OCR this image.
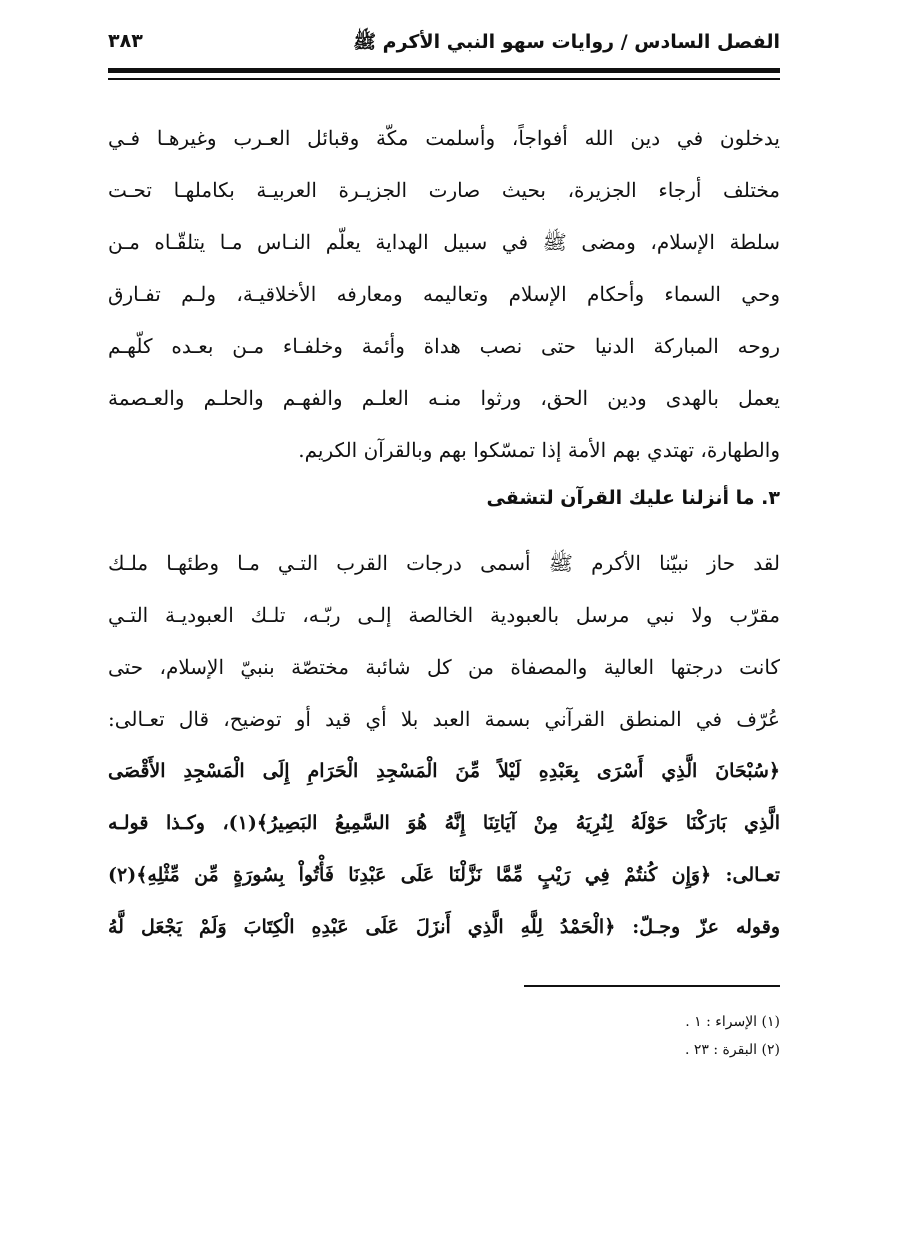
الفصل السادس / روايات سهو النبي الأكرم ﷺ
٣٨٣
يدخلون في دين الله أفواجاً، وأسلمت مكّة وقبائل العـرب وغيرهـا فـي
مختلف أرجاء الجزيرة، بحيث صارت الجزيـرة العربيـة بكاملهـا تحـت
سلطة الإسلام، ومضى ﷺ في سبيل الهداية يعلّم النـاس مـا يتلقّـاه مـن
وحي السماء وأحكام الإسلام وتعاليمه ومعارفه الأخلاقيـة، ولـم تفـارق
روحه المباركة الدنيا حتى نصب هداة وأئمة وخلفـاء مـن بعـده كلّهـم
يعمل بالهدى ودين الحق، ورثوا منـه العلـم والفهـم والحلـم والعـصمة
والطهارة، تهتدي بهم الأمة إذا تمسّكوا بهم وبالقرآن الكريم.
٣. ما أنزلنا عليك القرآن لتشقى
لقد حاز نبيّنا الأكرم ﷺ أسمى درجات القرب التـي مـا وطئهـا ملـك
مقرّب ولا نبي مرسل بالعبودية الخالصة إلـى ربّـه، تلـك العبوديـة التـي
كانت درجتها العالية والمصفاة من كل شائبة مختصّة بنبيّ الإسلام، حتى
عُرّف في المنطق القرآني بسمة العبد بلا أي قيد أو توضيح، قال تعـالى:
﴿سُبْحَانَ الَّذِي أَسْرَى بِعَبْدِهِ لَيْلاً مِّنَ الْمَسْجِدِ الْحَرَامِ إِلَى الْمَسْجِدِ الأَقْصَى
الَّذِي بَارَكْنَا حَوْلَهُ لِنُرِيَهُ مِنْ آيَاتِنَا إِنَّهُ هُوَ السَّمِيعُ البَصِيرُ﴾(١)، وكـذا قولـه
تعـالى: ﴿وَإِن كُنتُمْ فِي رَيْبٍ مِّمَّا نَزَّلْنَا عَلَى عَبْدِنَا فَأْتُواْ بِسُورَةٍ مِّن مِّثْلِهِ﴾(٢)
وقوله عزّ وجـلّ: ﴿الْحَمْدُ لِلَّهِ الَّذِي أَنزَلَ عَلَى عَبْدِهِ الْكِتَابَ وَلَمْ يَجْعَل لَّهُ
(١) الإسراء : ١ .
(٢) البقرة : ٢٣ .
